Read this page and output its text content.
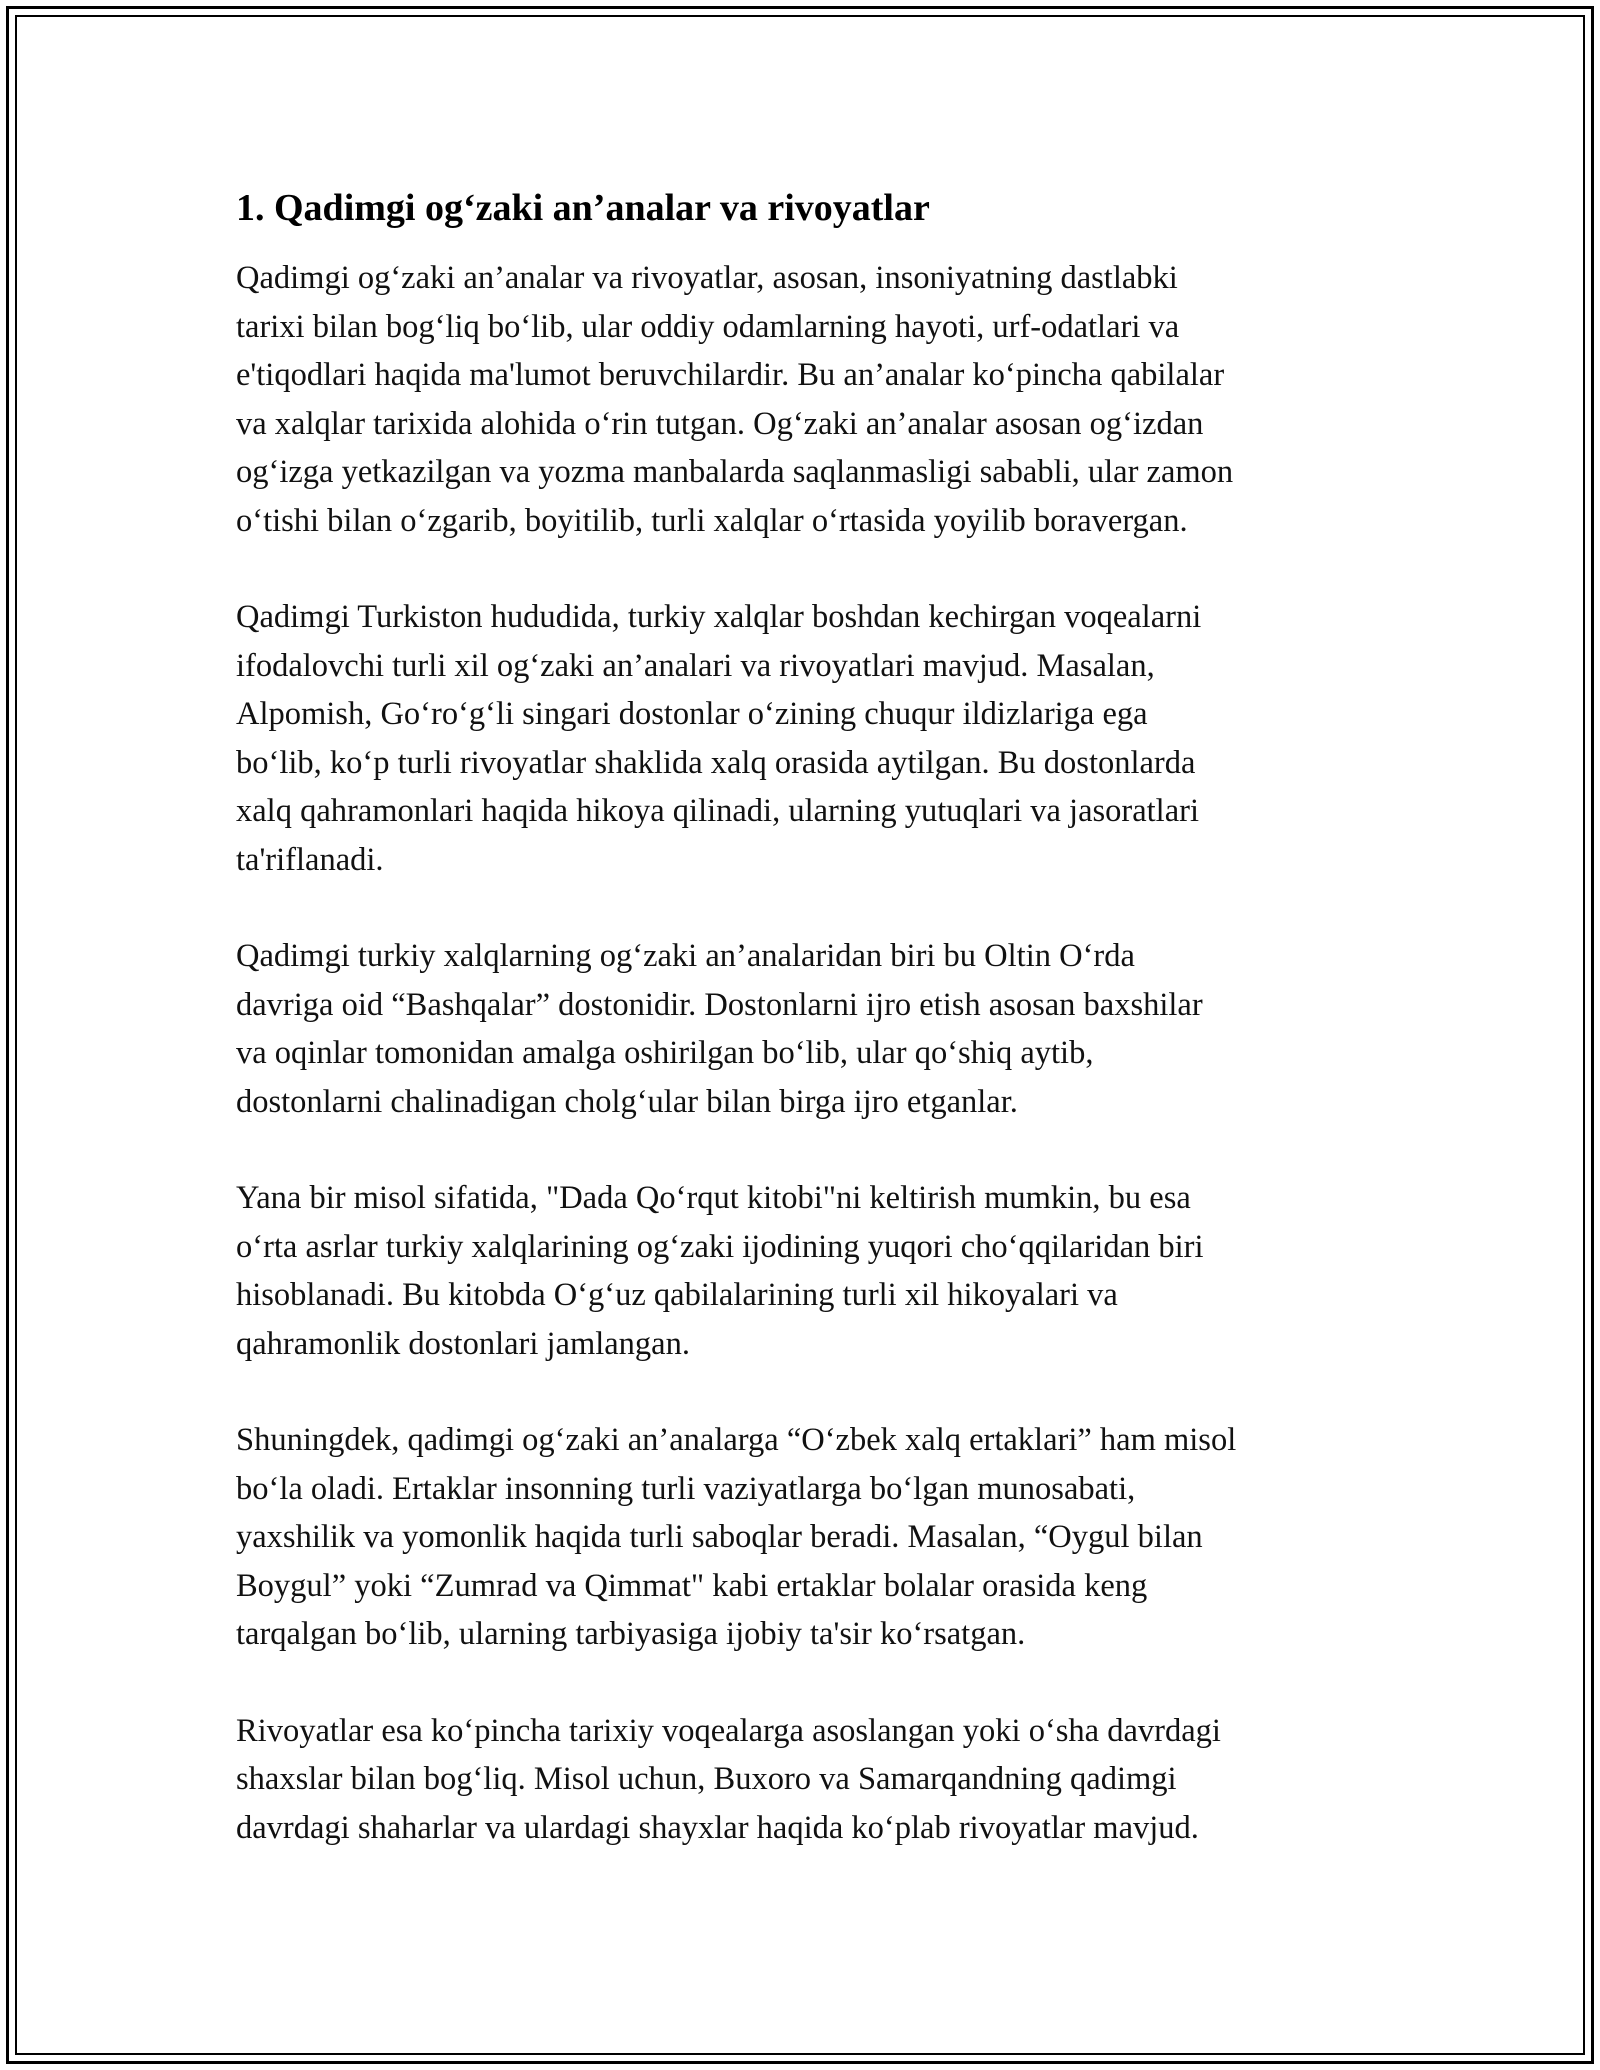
1. Qadimgi og‘zaki an’analar va rivoyatlar

Qadimgi og‘zaki an’analar va rivoyatlar, asosan, insoniyatning dastlabki
tarixi bilan bog‘liq bo‘lib, ular oddiy odamlarning hayoti, urf-odatlari va
e'tiqodlari haqida ma'lumot beruvchilardir. Bu an’analar ko‘pincha qabilalar
va xalqlar tarixida alohida o‘rin tutgan. Og‘zaki an’analar asosan og‘izdan
og‘izga yetkazilgan va yozma manbalarda saqlanmasligi sababli, ular zamon
o‘tishi bilan o‘zgarib, boyitilib, turli xalqlar o‘rtasida yoyilib boravergan.

Qadimgi Turkiston hududida, turkiy xalqlar boshdan kechirgan voqealarni
ifodalovchi turli xil og‘zaki an’analari va rivoyatlari mavjud. Masalan,
Alpomish, Go‘ro‘g‘li singari dostonlar o‘zining chuqur ildizlariga ega
bo‘lib, ko‘p turli rivoyatlar shaklida xalq orasida aytilgan. Bu dostonlarda
xalq qahramonlari haqida hikoya qilinadi, ularning yutuqlari va jasoratlari
ta'riflanadi.

Qadimgi turkiy xalqlarning og‘zaki an’analaridan biri bu Oltin O‘rda
davriga oid “Bashqalar” dostonidir. Dostonlarni ijro etish asosan baxshilar
va oqinlar tomonidan amalga oshirilgan bo‘lib, ular qo‘shiq aytib,
dostonlarni chalinadigan cholg‘ular bilan birga ijro etganlar.

Yana bir misol sifatida, "Dada Qo‘rqut kitobi"ni keltirish mumkin, bu esa
o‘rta asrlar turkiy xalqlarining og‘zaki ijodining yuqori cho‘qqilaridan biri
hisoblanadi. Bu kitobda O‘g‘uz qabilalarining turli xil hikoyalari va
qahramonlik dostonlari jamlangan.

Shuningdek, qadimgi og‘zaki an’analarga “O‘zbek xalq ertaklari” ham misol
bo‘la oladi. Ertaklar insonning turli vaziyatlarga bo‘lgan munosabati,
yaxshilik va yomonlik haqida turli saboqlar beradi. Masalan, “Oygul bilan
Boygul” yoki “Zumrad va Qimmat" kabi ertaklar bolalar orasida keng
tarqalgan bo‘lib, ularning tarbiyasiga ijobiy ta'sir ko‘rsatgan.

Rivoyatlar esa ko‘pincha tarixiy voqealarga asoslangan yoki o‘sha davrdagi
shaxslar bilan bog‘liq. Misol uchun, Buxoro va Samarqandning qadimgi
davrdagi shaharlar va ulardagi shayxlar haqida ko‘plab rivoyatlar mavjud.
